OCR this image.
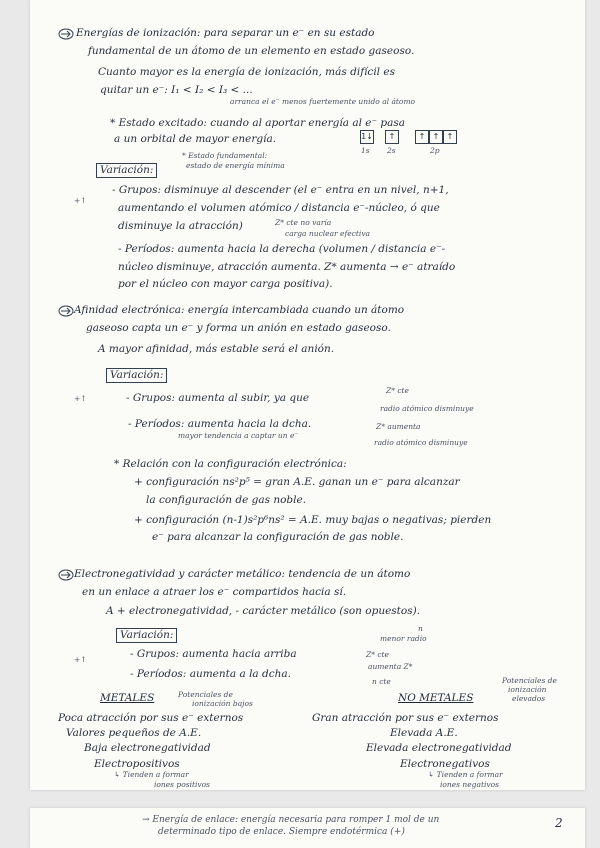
Energías de ionización: para separar un e⁻ en su estado
fundamental de un átomo de un elemento en estado gaseoso.
Cuanto mayor es la energía de ionización, más difícil es
quitar un e⁻: I₁ < I₂ < I₃ < ...
arranca el e⁻ menos fuertemente unido al átomo
* Estado excitado: cuando al aportar energía al e⁻ pasa
a un orbital de mayor energía.	1↓	↑	↑ ↑ ↑
1s 2s	2p
* Estado fundamental:
estado de energía mínima
Variación:
+↑
- Grupos: disminuye al descender (el e⁻ entra en un nivel, n+1,
aumentando el volumen atómico / distancia e⁻-núcleo, ó que
disminuye la atracción)	Z* cte no varía
carga nuclear efectiva
- Períodos: aumenta hacia la derecha (volumen / distancia e⁻-
núcleo disminuye, atracción aumenta. Z* aumenta → e⁻ atraído
por el núcleo con mayor carga positiva).
Afinidad electrónica: energía intercambiada cuando un átomo
gaseoso capta un e⁻ y forma un anión en estado gaseoso.
A mayor afinidad, más estable será el anión.
Variación:
+↑	- Grupos: aumenta al subir, ya que
Z* cte
radio atómico disminuye
- Períodos: aumenta hacia la dcha.
mayor tendencia a captar un e⁻
Z* aumenta
radio atómico disminuye
* Relación con la configuración electrónica:
+ configuración ns²p⁵ = gran A.E. ganan un e⁻ para alcanzar
la configuración de gas noble.
+ configuración (n-1)s²p⁶ns² = A.E. muy bajas o negativas; pierden
e⁻ para alcanzar la configuración de gas noble.
Electronegatividad y carácter metálico: tendencia de un átomo
en un enlace a atraer los e⁻ compartidos hacia sí.
A + electronegatividad, - carácter metálico (son opuestos).
Variación:
+↑	- Grupos: aumenta hacia arriba
menor radio
n
Z* cte
- Períodos: aumenta a la dcha.
aumenta Z*
n cte
METALES	Potenciales de
ionización bajos
Poca atracción por sus e⁻ externos
Valores pequeños de A.E.
Baja electronegatividad
Electropositivos
↳ Tienden a formar
iones positivos
NO METALES
Potenciales de
ionización
elevados
Gran atracción por sus e⁻ externos
Elevada A.E.
Elevada electronegatividad
Electronegativos
↳ Tienden a formar
iones negativos
→ Energía de enlace: energía necesaria para romper 1 mol de un
determinado tipo de enlace. Siempre endotérmica (+)
2
